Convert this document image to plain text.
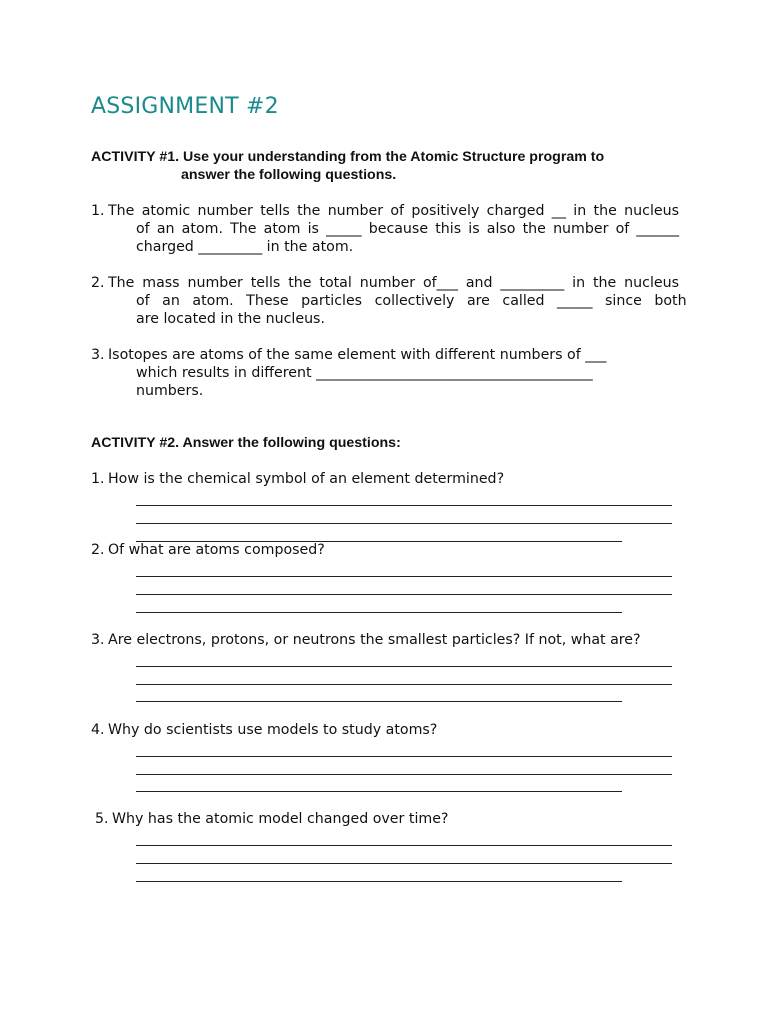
ASSIGNMENT #2
ACTIVITY #1. Use your understanding from the Atomic Structure program to
answer the following questions.
1. The atomic number tells the number of positively charged __ in the nucleus
of an atom. The atom is _____ because this is also the number of ______
charged _________ in the atom.
2. The mass number tells the total number of___ and _________ in the nucleus
of an atom. These particles collectively are called _____ since both
are located in the nucleus.
3. Isotopes are atoms of the same element with different numbers of ___
which results in different _______________________________________
numbers.
ACTIVITY #2. Answer the following questions:
1. How is the chemical symbol of an element determined?
2. Of what are atoms composed?
3. Are electrons, protons, or neutrons the smallest particles? If not, what are?
4. Why do scientists use models to study atoms?
5. Why has the atomic model changed over time?
